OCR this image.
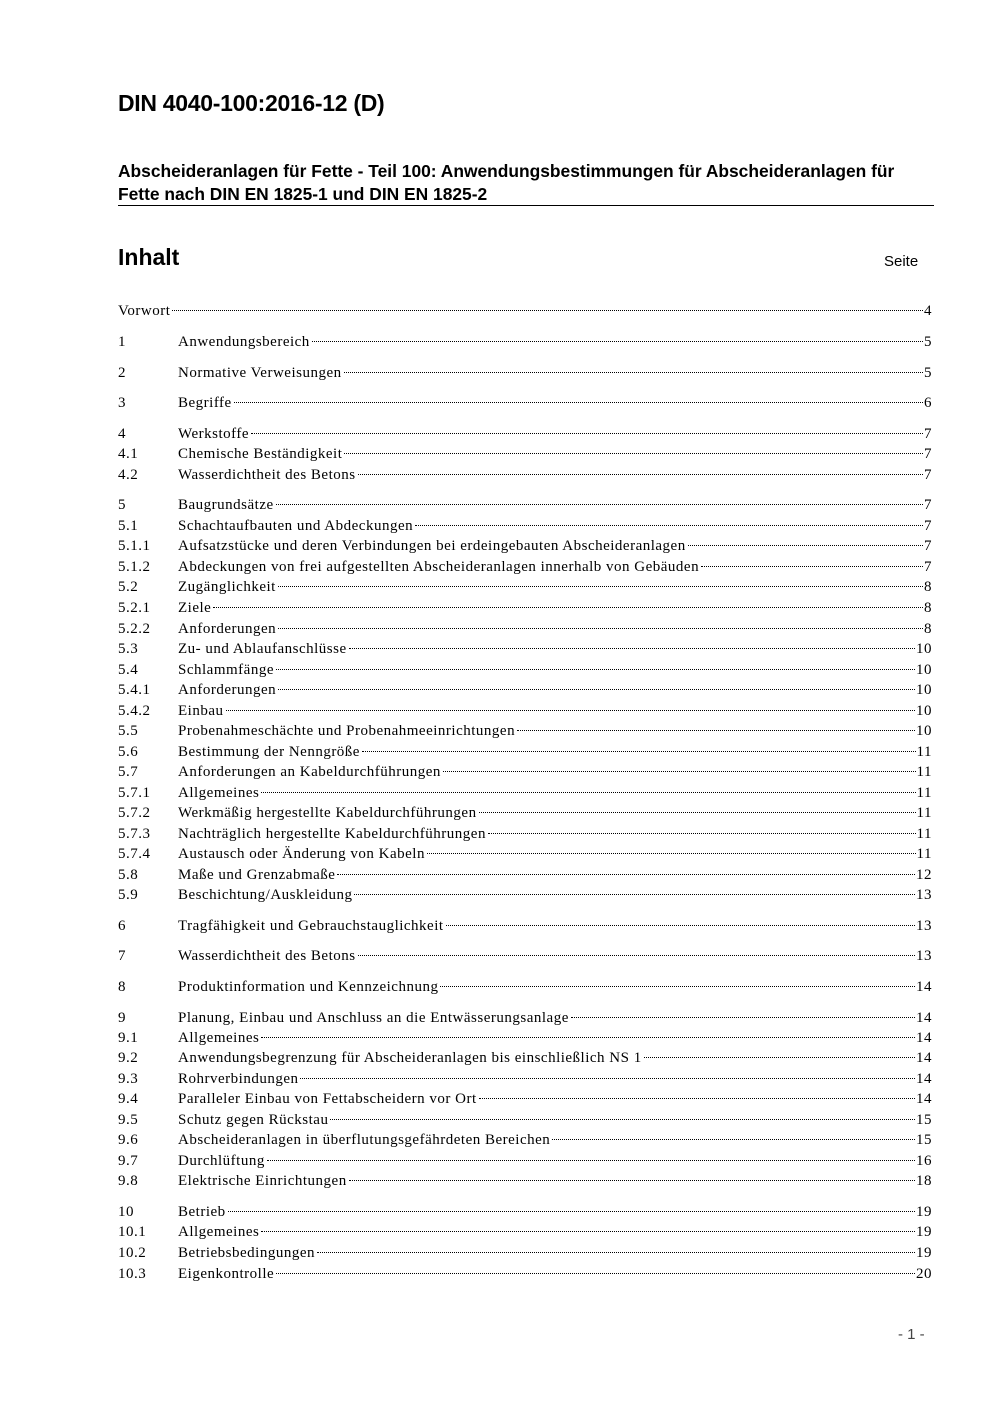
DIN 4040-100:2016-12 (D)
Abscheideranlagen für Fette - Teil 100: Anwendungsbestimmungen für Abscheideranlagen für Fette nach DIN EN 1825-1 und DIN EN 1825-2
Inhalt	Seite
Vorwort	4
1	Anwendungsbereich	5
2	Normative Verweisungen	5
3	Begriffe	6
4	Werkstoffe	7
4.1	Chemische Beständigkeit	7
4.2	Wasserdichtheit des Betons	7
5	Baugrundsätze	7
5.1	Schachtaufbauten und Abdeckungen	7
5.1.1 Aufsatzstücke und deren Verbindungen bei erdeingebauten Abscheideranlagen	7
5.1.2 Abdeckungen von frei aufgestellten Abscheideranlagen innerhalb von Gebäuden	7
5.2	Zugänglichkeit	8
5.2.1 Ziele	8
5.2.2 Anforderungen	8
5.3	Zu- und Ablaufanschlüsse	10
5.4	Schlammfänge	10
5.4.1 Anforderungen	10
5.4.2 Einbau	10
5.5	Probenahmeschächte und Probenahmeeinrichtungen	10
5.6	Bestimmung der Nenngröße	11
5.7	Anforderungen an Kabeldurchführungen	11
5.7.1 Allgemeines	11
5.7.2 Werkmäßig hergestellte Kabeldurchführungen	11
5.7.3 Nachträglich hergestellte Kabeldurchführungen	11
5.7.4 Austausch oder Änderung von Kabeln	11
5.8	Maße und Grenzabmaße	12
5.9	Beschichtung/Auskleidung	13
6	Tragfähigkeit und Gebrauchstauglichkeit	13
7	Wasserdichtheit des Betons	13
8	Produktinformation und Kennzeichnung	14
9	Planung, Einbau und Anschluss an die Entwässerungsanlage	14
9.1	Allgemeines	14
9.2	Anwendungsbegrenzung für Abscheideranlagen bis einschließlich NS 1	14
9.3	Rohrverbindungen	14
9.4	Paralleler Einbau von Fettabscheidern vor Ort	14
9.5	Schutz gegen Rückstau	15
9.6	Abscheideranlagen in überflutungsgefährdeten Bereichen	15
9.7	Durchlüftung	16
9.8	Elektrische Einrichtungen	18
10	Betrieb	19
10.1 Allgemeines	19
10.2 Betriebsbedingungen	19
10.3 Eigenkontrolle	20
- 1 -
